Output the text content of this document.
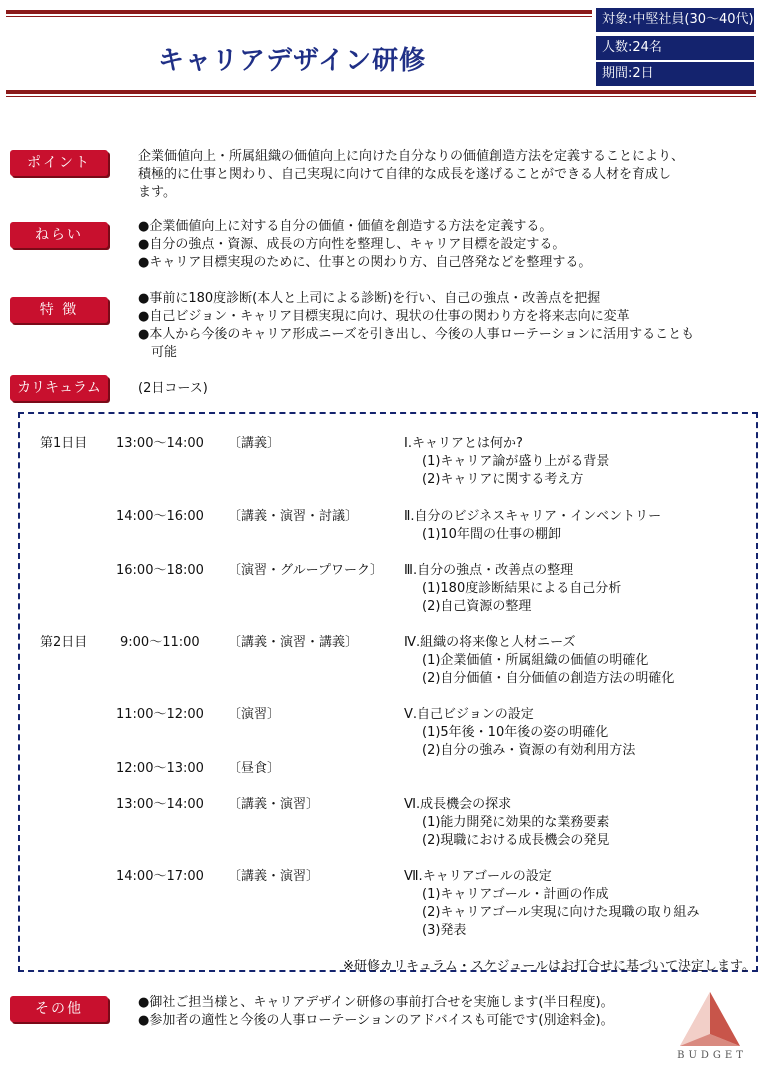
キャリアデザイン研修
対象:中堅社員(30〜40代)
人数:24名
期間:2日
ポイント	企業価値向上・所属組織の価値向上に向けた自分なりの価値創造方法を定義することにより、
積極的に仕事と関わり、自己実現に向けて自律的な成長を遂げることができる人材を育成し
ます。
ねらい
●企業価値向上に対する自分の価値・価値を創造する方法を定義する。
●自分の強点・資源、成長の方向性を整理し、キャリア目標を設定する。
●キャリア目標実現のために、仕事との関わり方、自己啓発などを整理する。
特 徴
●事前に180度診断(本人と上司による診断)を行い、自己の強点・改善点を把握
●自己ビジョン・キャリア目標実現に向け、現状の仕事の関わり方を将来志向に変革
●本人から今後のキャリア形成ニーズを引き出し、今後の人事ローテーションに活用することも
　可能
カリキュラム	(2日コース)
第1日目 13:00〜14:00 〔講義〕	Ⅰ.キャリアとは何か?
(1)キャリア論が盛り上がる背景
(2)キャリアに関する考え方
14:00〜16:00 〔講義・演習・討議〕	Ⅱ.自分のビジネスキャリア・インベントリー
(1)10年間の仕事の棚卸
16:00〜18:00 〔演習・グループワーク〕 Ⅲ.自分の強点・改善点の整理
(1)180度診断結果による自己分析
(2)自己資源の整理
第2日目	9:00〜11:00 〔講義・演習・講義〕	Ⅳ.組織の将来像と人材ニーズ
(1)企業価値・所属組織の価値の明確化
(2)自分価値・自分価値の創造方法の明確化
11:00〜12:00 〔演習〕	Ⅴ.自己ビジョンの設定
(1)5年後・10年後の姿の明確化
(2)自分の強み・資源の有効利用方法
12:00〜13:00 〔昼食〕
13:00〜14:00 〔講義・演習〕	Ⅵ.成長機会の探求
(1)能力開発に効果的な業務要素
(2)現職における成長機会の発見
14:00〜17:00 〔講義・演習〕	Ⅶ.キャリアゴールの設定
(1)キャリアゴール・計画の作成
(2)キャリアゴール実現に向けた現職の取り組み
(3)発表
※研修カリキュラム・スケジュールはお打合せに基づいて決定します。
その他	●御社ご担当様と、キャリアデザイン研修の事前打合せを実施します(半日程度)。
●参加者の適性と今後の人事ローテーションのアドバイスも可能です(別途料金)。
BUDGET
